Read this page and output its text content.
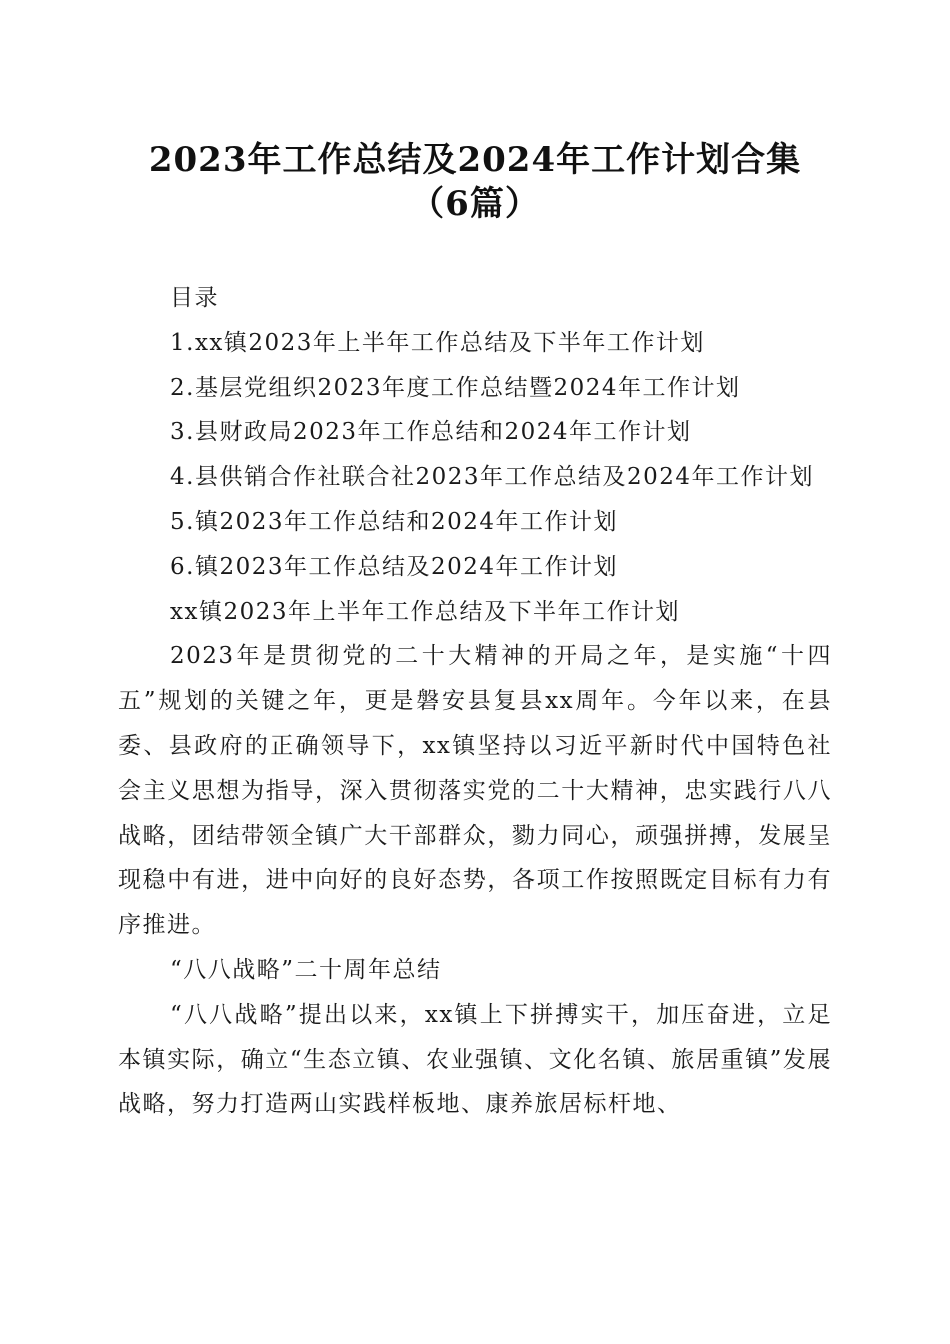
2023年工作总结及2024年工作计划合集（6篇）

目录

1.xx镇2023年上半年工作总结及下半年工作计划

2.基层党组织2023年度工作总结暨2024年工作计划

3.县财政局2023年工作总结和2024年工作计划

4.县供销合作社联合社2023年工作总结及2024年工作计划

5.镇2023年工作总结和2024年工作计划

6.镇2023年工作总结及2024年工作计划

xx镇2023年上半年工作总结及下半年工作计划

2023年是贯彻党的二十大精神的开局之年，是实施“十四五”规划的关键之年，更是磐安县复县xx周年。今年以来，在县委、县政府的正确领导下，xx镇坚持以习近平新时代中国特色社会主义思想为指导，深入贯彻落实党的二十大精神，忠实践行八八战略，团结带领全镇广大干部群众，勠力同心，顽强拼搏，发展呈现稳中有进，进中向好的良好态势，各项工作按照既定目标有力有序推进。

“八八战略”二十周年总结

“八八战略”提出以来，xx镇上下拼搏实干，加压奋进，立足本镇实际，确立“生态立镇、农业强镇、文化名镇、旅居重镇”发展战略，努力打造两山实践样板地、康养旅居标杆地、
